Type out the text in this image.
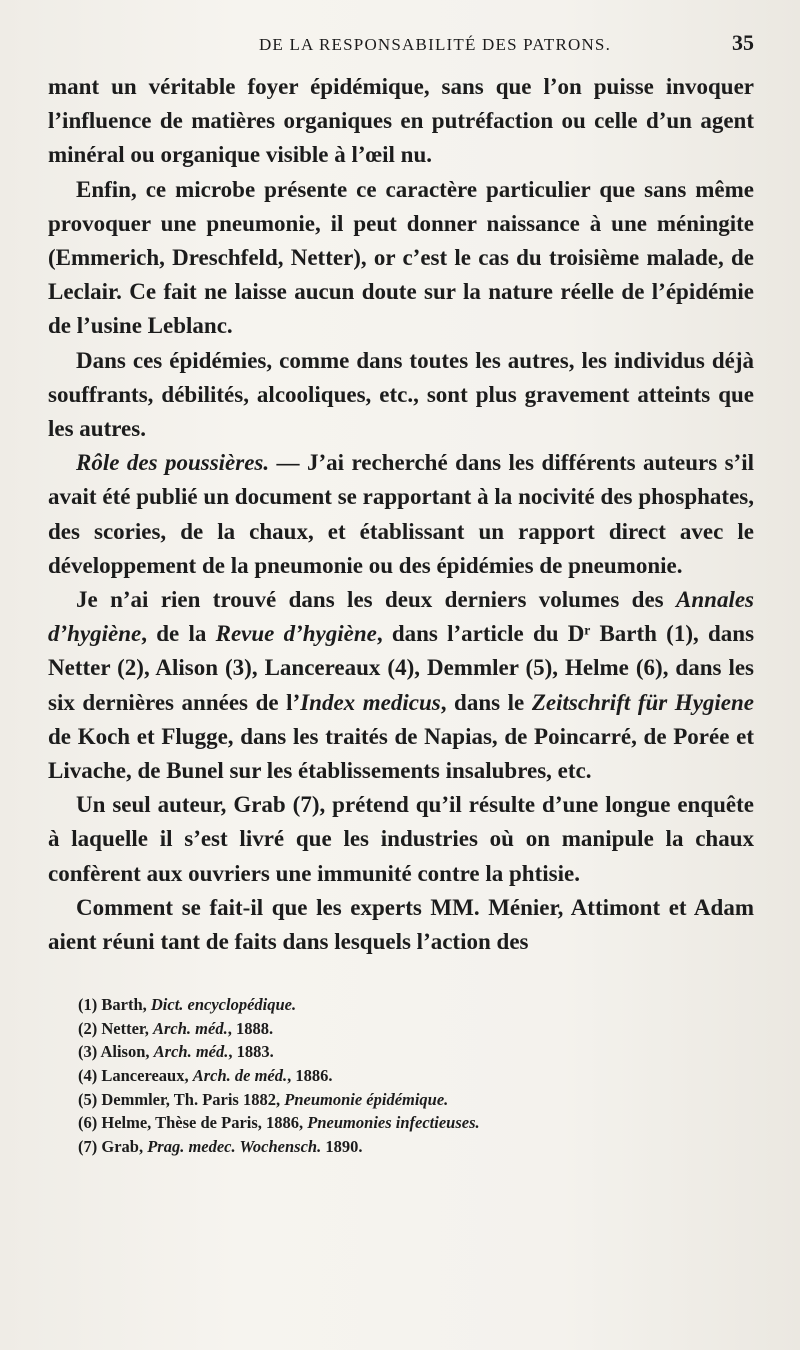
DE LA RESPONSABILITÉ DES PATRONS.	35

mant un véritable foyer épidémique, sans que l’on puisse invoquer l’influence de matières organiques en putréfaction ou celle d’un agent minéral ou organique visible à l’œil nu.

Enfin, ce microbe présente ce caractère particulier que sans même provoquer une pneumonie, il peut donner naissance à une méningite (Emmerich, Dreschfeld, Netter), or c’est le cas du troisième malade, de Leclair. Ce fait ne laisse aucun doute sur la nature réelle de l’épidémie de l’usine Leblanc.

Dans ces épidémies, comme dans toutes les autres, les individus déjà souffrants, débilités, alcooliques, etc., sont plus gravement atteints que les autres.

Rôle des poussières. — J’ai recherché dans les différents auteurs s’il avait été publié un document se rapportant à la nocivité des phosphates, des scories, de la chaux, et établissant un rapport direct avec le développement de la pneumonie ou des épidémies de pneumonie.

Je n’ai rien trouvé dans les deux derniers volumes des Annales d’hygiène, de la Revue d’hygiène, dans l’article du Dʳ Barth (1), dans Netter (2), Alison (3), Lancereaux (4), Demmler (5), Helme (6), dans les six dernières années de l’Index medicus, dans le Zeitschrift für Hygiene de Koch et Flugge, dans les traités de Napias, de Poincarré, de Porée et Livache, de Bunel sur les établissements insalubres, etc.

Un seul auteur, Grab (7), prétend qu’il résulte d’une longue enquête à laquelle il s’est livré que les industries où on manipule la chaux confèrent aux ouvriers une immunité contre la phtisie.

Comment se fait-il que les experts MM. Ménier, Attimont et Adam aient réuni tant de faits dans lesquels l’action des

(1) Barth, Dict. encyclopédique.
(2) Netter, Arch. méd., 1888.
(3) Alison, Arch. méd., 1883.
(4) Lancereaux, Arch. de méd., 1886.
(5) Demmler, Th. Paris 1882, Pneumonie épidémique.
(6) Helme, Thèse de Paris, 1886, Pneumonies infectieuses.
(7) Grab, Prag. medec. Wochensch. 1890.
